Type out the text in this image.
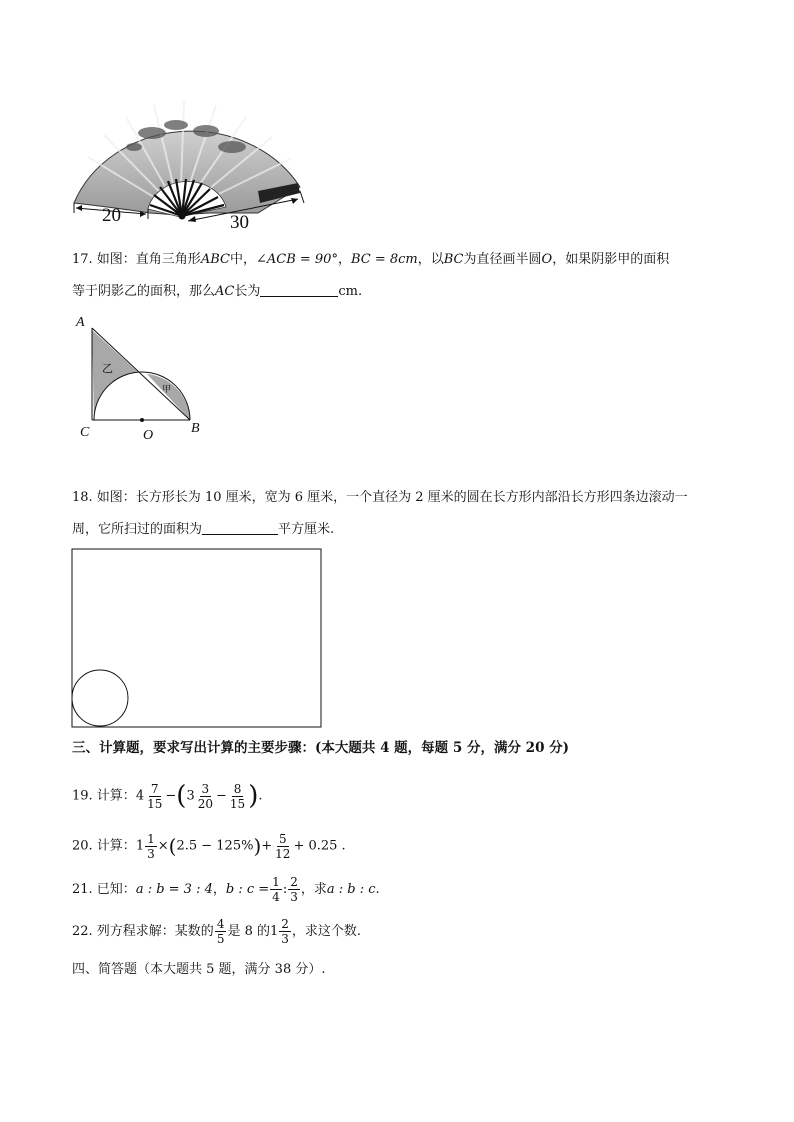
20	30
17. 如图：直角三角形ABC中，∠ACB = 90°，BC = 8cm，以BC为直径画半圆O，如果阴影甲的面积
等于阴影乙的面积，那么AC长为	cm.
A
C	O	B
乙
甲
18. 如图：长方形长为 10 厘米，宽为 6 厘米，一个直径为 2 厘米的圆在长方形内部沿长方形四条边滚动一
周，它所扫过的面积为	平方厘米.
三、计算题，要求写出计算的主要步骤：(本大题共 4 题，每题 5 分，满分 20 分)
19. 计算：$4 \frac{7}{15} -(3 \frac{3}{20} - \frac{8}{15}$ ).
20. 计算：$1 \frac{1}{3} \times(2.5 - 125\%)+ \frac{5}{12} + 0.25$ .
21. 已知：a : b = 3 : 4，b : $c = \frac{1}{4}$ : $\frac{2}{3}$ ，求a : b : c.
22. 列方程求解：某数的 $\frac{4}{5}$ 是 8 的$1 \frac{2}{3}$ ，求这个数.
四、简答题（本大题共 5 题，满分 38 分）.
